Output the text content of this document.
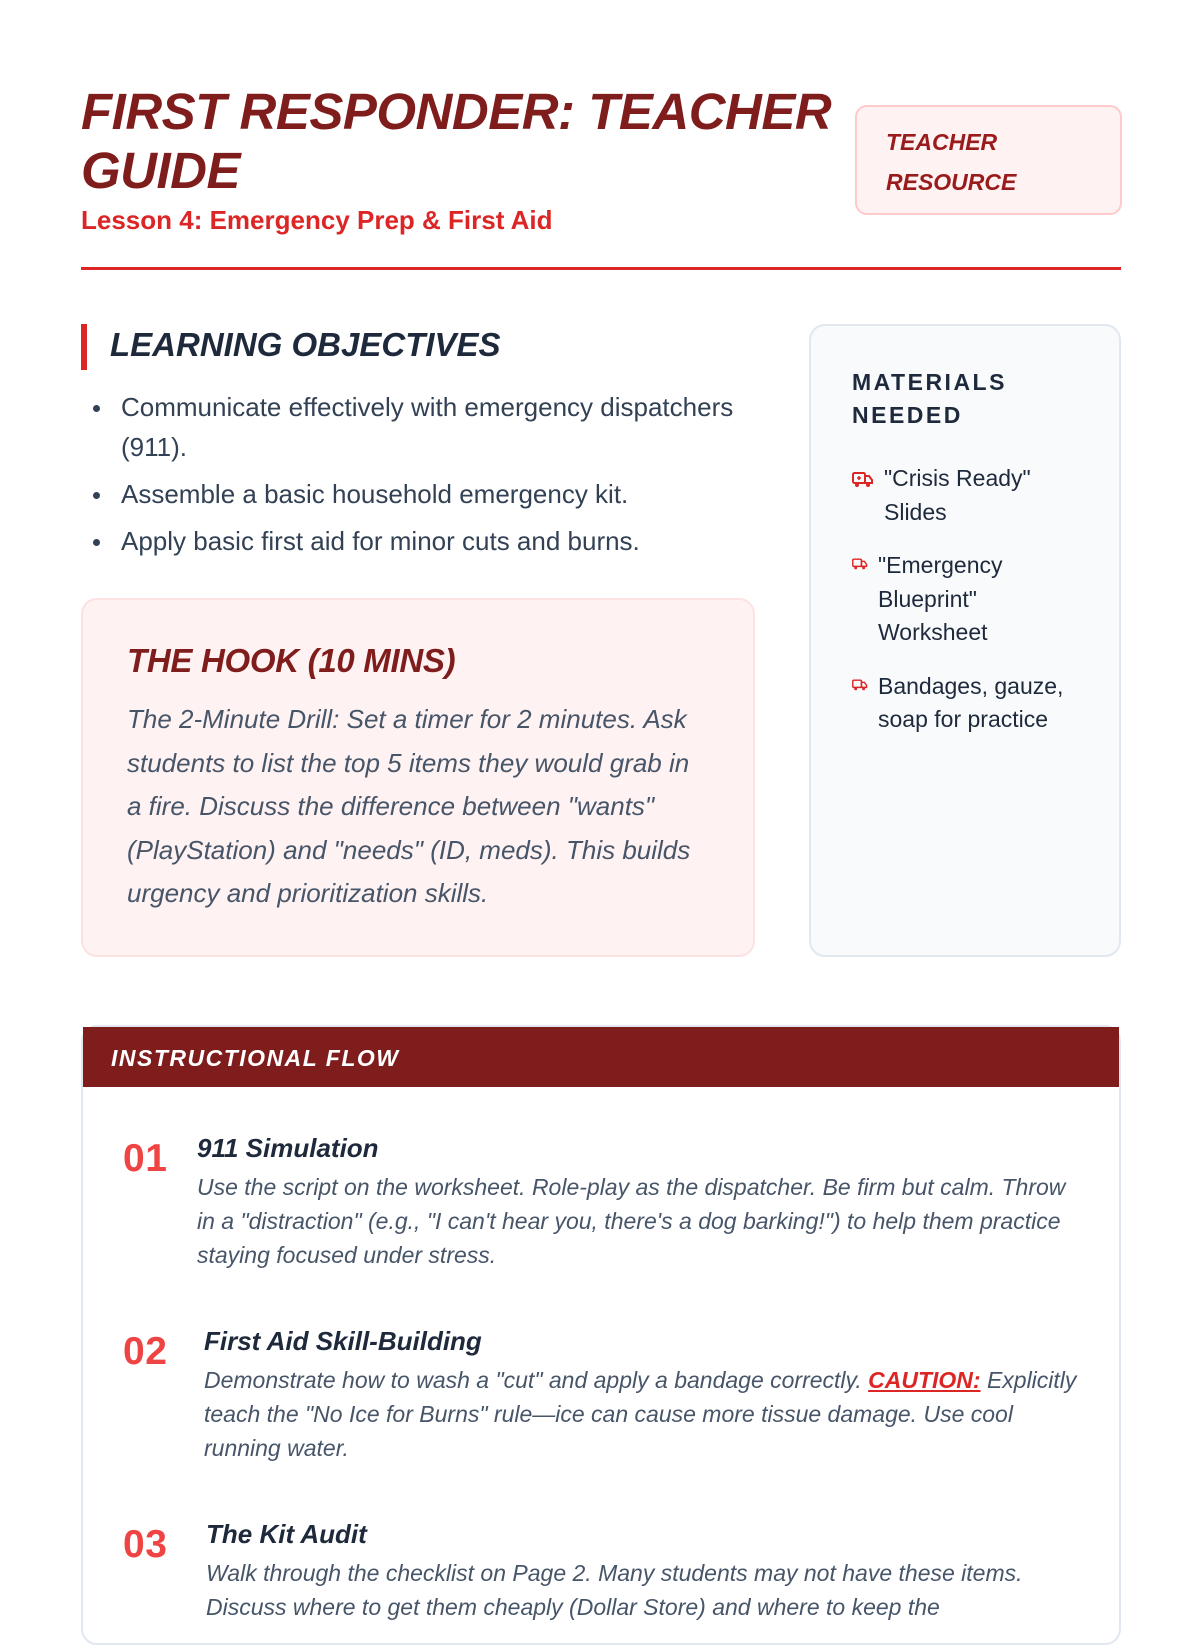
FIRST RESPONDER: TEACHER GUIDE
Lesson 4: Emergency Prep & First Aid
TEACHER RESOURCE
LEARNING OBJECTIVES
Communicate effectively with emergency dispatchers (911).
Assemble a basic household emergency kit.
Apply basic first aid for minor cuts and burns.
THE HOOK (10 MINS)

The 2-Minute Drill: Set a timer for 2 minutes. Ask students to list the top 5 items they would grab in a fire. Discuss the difference between "wants" (PlayStation) and "needs" (ID, meds). This builds urgency and prioritization skills.

MATERIALS NEEDED
"Crisis Ready" Slides
"Emergency Blueprint" Worksheet
Bandages, gauze, soap for practice
INSTRUCTIONAL FLOW
01 911 Simulation

Use the script on the worksheet. Role-play as the dispatcher. Be firm but calm. Throw in a "distraction" (e.g., "I can't hear you, there's a dog barking!") to help them practice staying focused under stress.

02 First Aid Skill-Building

Demonstrate how to wash a "cut" and apply a bandage correctly. CAUTION: Explicitly teach the "No Ice for Burns" rule—ice can cause more tissue damage. Use cool running water.

03 The Kit Audit

Walk through the checklist on Page 2. Many students may not have these items. Discuss where to get them cheaply (Dollar Store) and where to keep the
